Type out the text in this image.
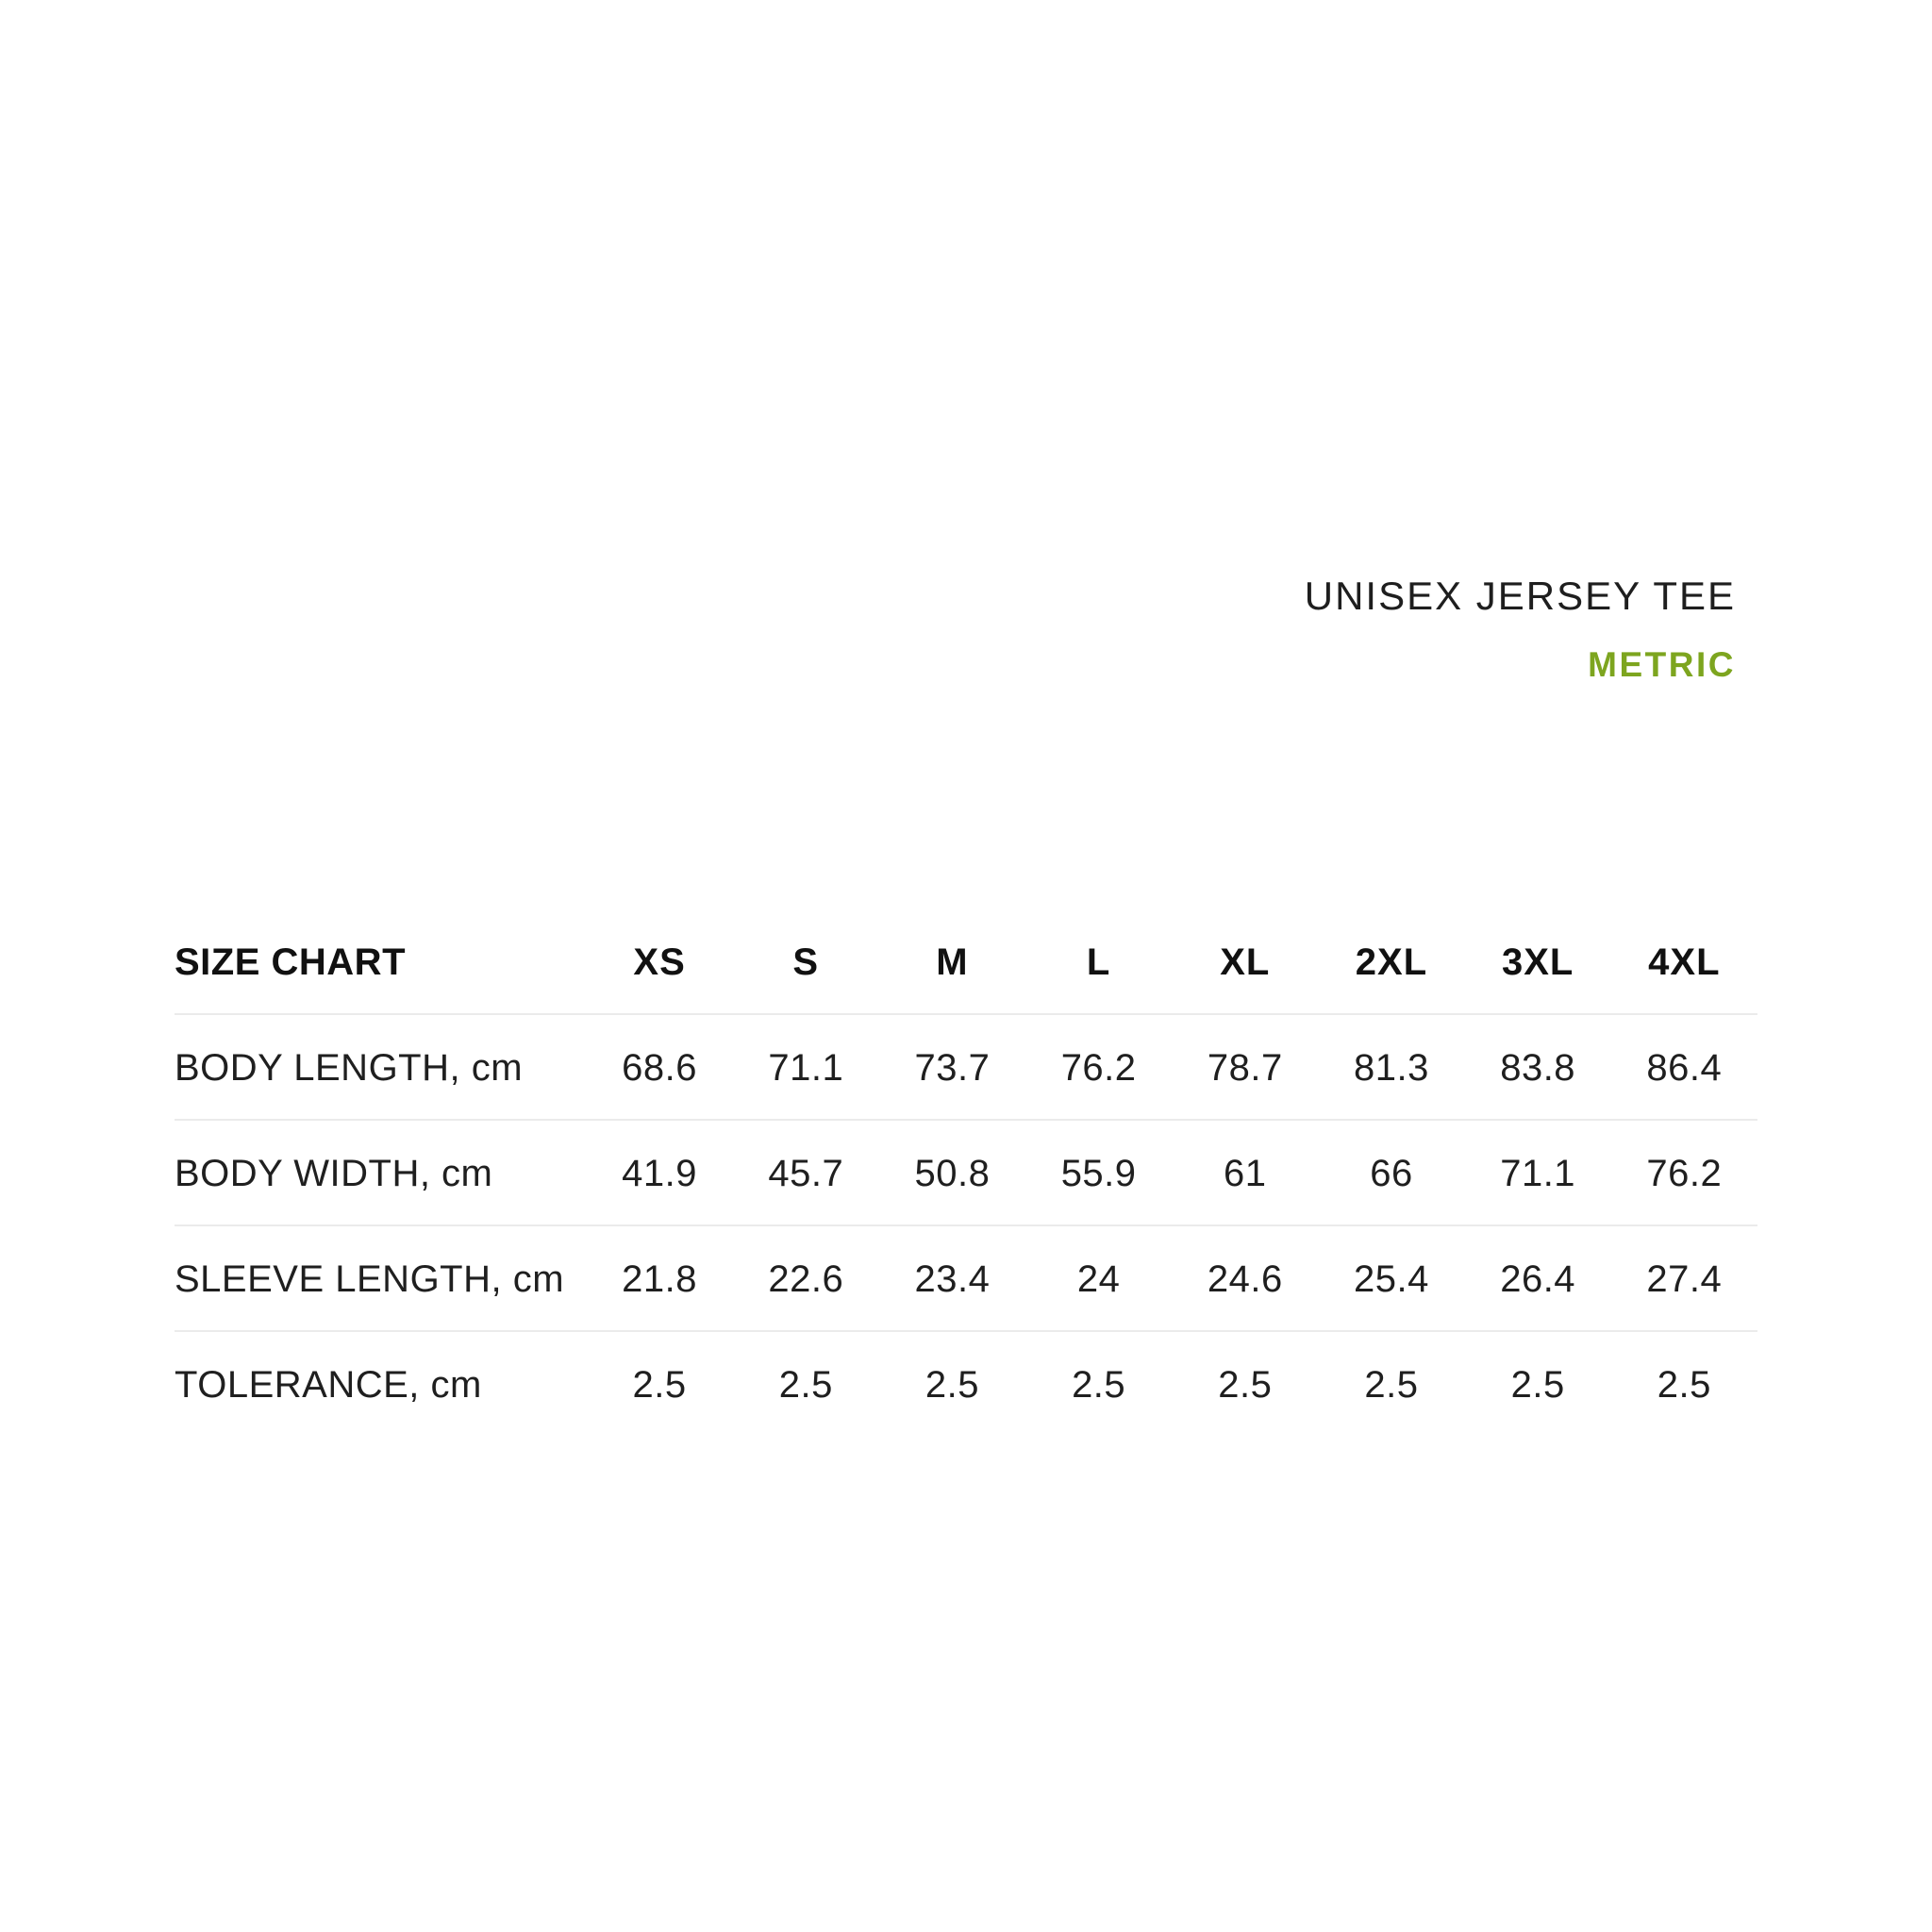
UNISEX JERSEY TEE
METRIC
SIZE CHART	XS	S	M	L	XL	2XL	3XL	4XL
BODY LENGTH, cm	68.6	71.1	73.7	76.2	78.7	81.3	83.8	86.4
BODY WIDTH, cm	41.9	45.7	50.8	55.9	61	66	71.1	76.2
SLEEVE LENGTH, cm	21.8	22.6	23.4	24	24.6	25.4	26.4	27.4
TOLERANCE, cm	2.5	2.5	2.5	2.5	2.5	2.5	2.5	2.5
